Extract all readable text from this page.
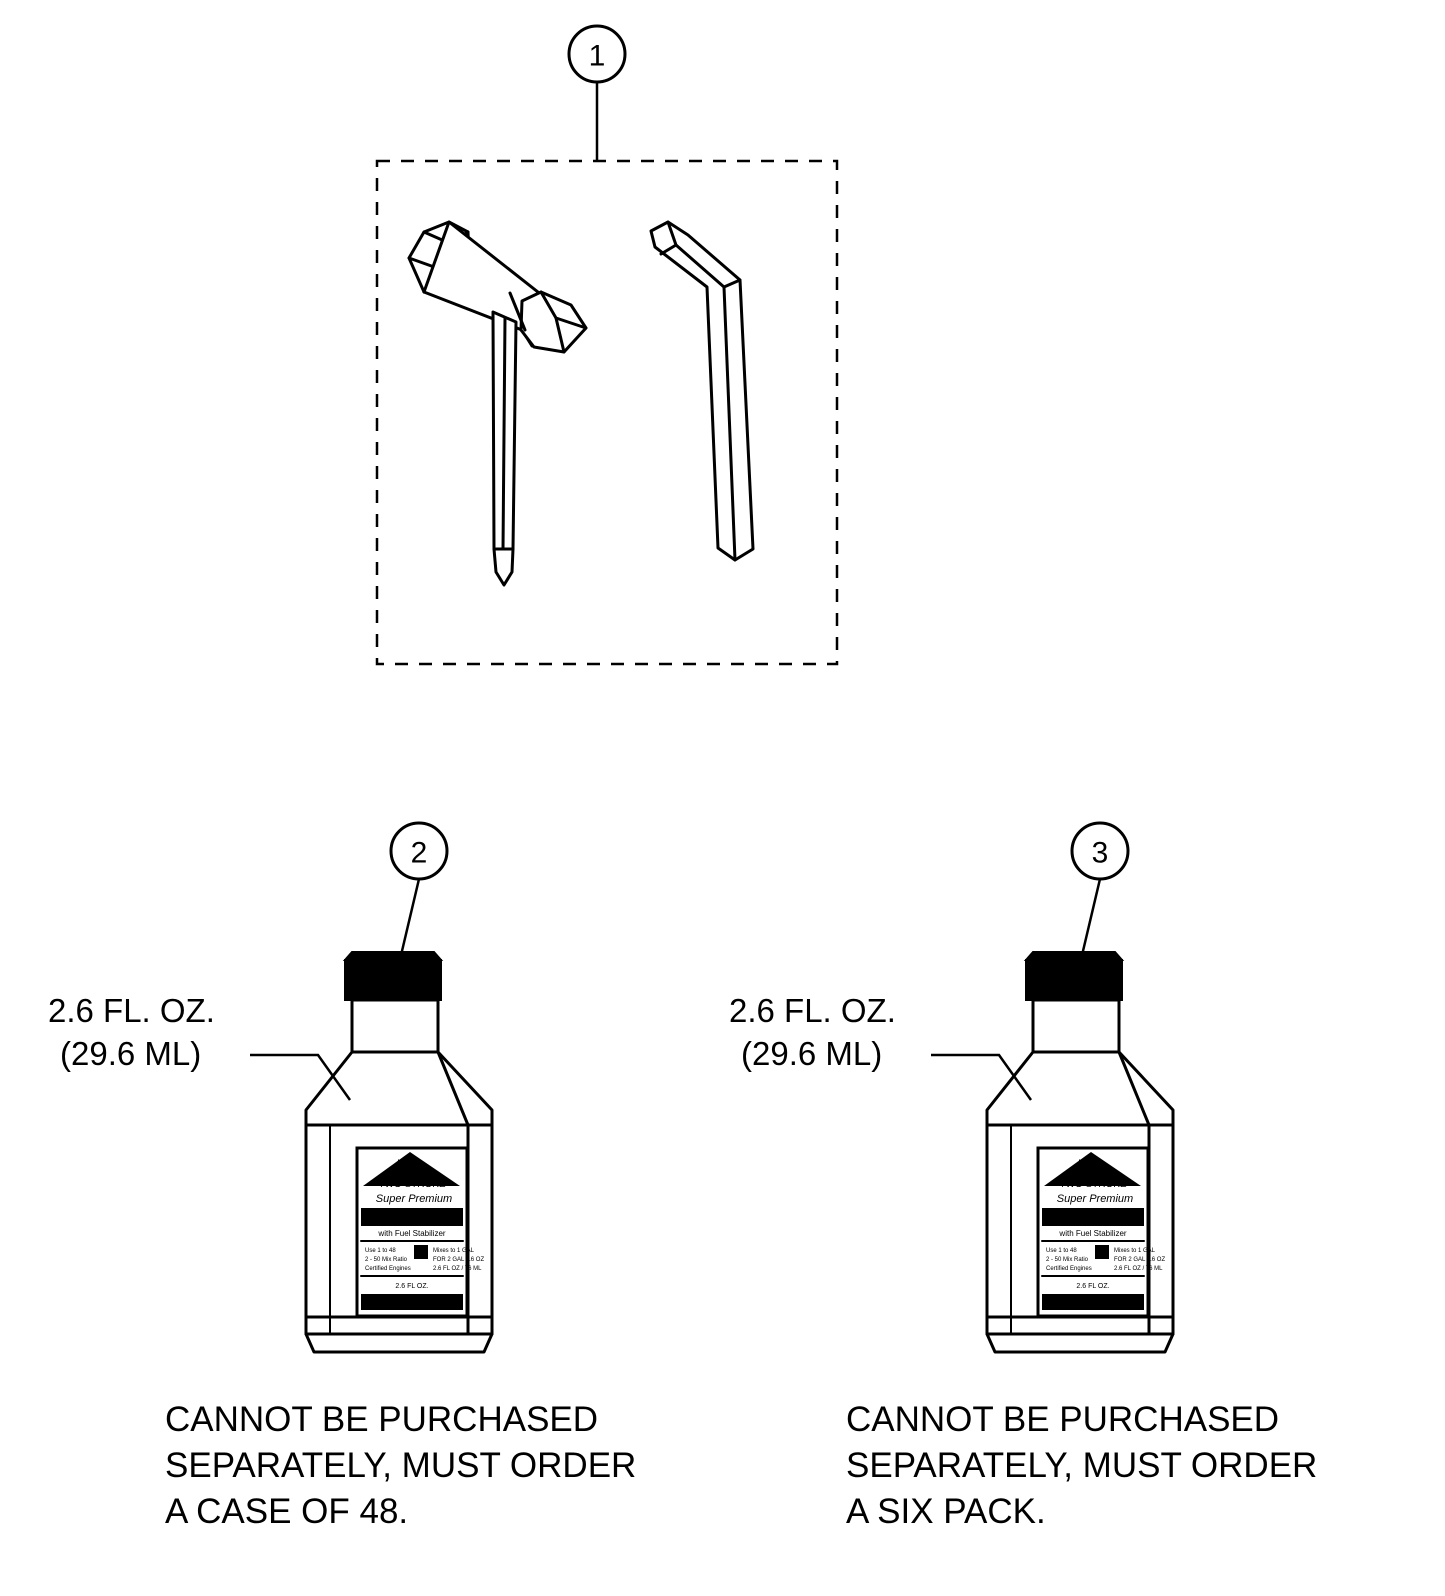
1
2
NO
SMOKE
TWO STROKE
Super Premium
SYNTHETIC BLEND
with Fuel Stabilizer
Use 1 to 48
2 - 50 Mix Ratio
Certified Engines
Mixes to 1 GAL
FOR 2 GAL 2.6 OZ
2.6 FL OZ / 76 ML
2.6 FL OZ.
2.6 FL. OZ.
(29.6 ML)
CANNOT BE PURCHASED
SEPARATELY, MUST ORDER
A CASE OF 48.
3
NO
SMOKE
TWO STROKE
Super Premium
SYNTHETIC BLEND
with Fuel Stabilizer
Use 1 to 48
2 - 50 Mix Ratio
Certified Engines
Mixes to 1 GAL
FOR 2 GAL 2.6 OZ
2.6 FL OZ / 76 ML
2.6 FL OZ.
2.6 FL. OZ.
(29.6 ML)
CANNOT BE PURCHASED
SEPARATELY, MUST ORDER
A SIX PACK.
